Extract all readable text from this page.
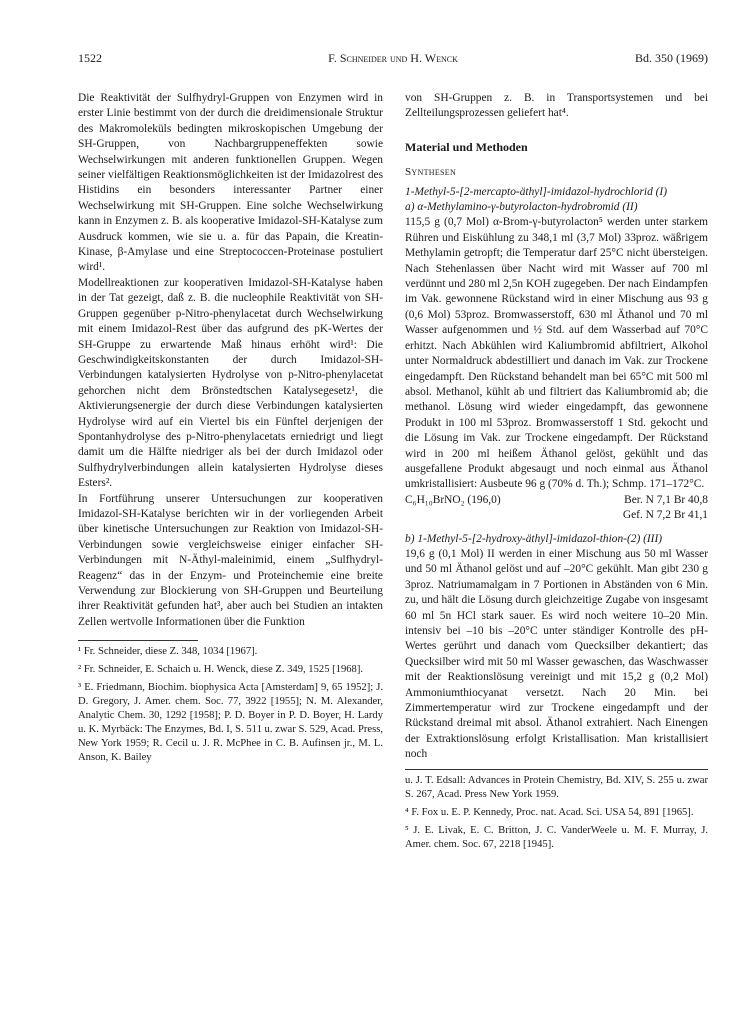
1522	F. Schneider und H. Wenck	Bd. 350 (1969)

Die Reaktivität der Sulfhydryl-Gruppen von Enzymen wird in erster Linie bestimmt von der durch die dreidimensionale Struktur des Makromoleküls bedingten mikroskopischen Umgebung der SH-Gruppen, von Nachbargruppeneffekten sowie Wechselwirkungen mit anderen funktionellen Gruppen. Wegen seiner vielfältigen Reaktionsmöglichkeiten ist der Imidazolrest des Histidins ein besonders interessanter Partner einer Wechselwirkung mit SH-Gruppen. Eine solche Wechselwirkung kann in Enzymen z. B. als kooperative Imidazol-SH-Katalyse zum Ausdruck kommen, wie sie u. a. für das Papain, die Kreatin-Kinase, β-Amylase und eine Streptococcen-Proteinase postuliert wird¹.

Modellreaktionen zur kooperativen Imidazol-SH-Katalyse haben in der Tat gezeigt, daß z. B. die nucleophile Reaktivität von SH-Gruppen gegenüber p-Nitro-phenylacetat durch Wechselwirkung mit einem Imidazol-Rest über das aufgrund des pK-Wertes der SH-Gruppe zu erwartende Maß hinaus erhöht wird¹: Die Geschwindigkeitskonstanten der durch Imidazol-SH-Verbindungen katalysierten Hydrolyse von p-Nitro-phenylacetat gehorchen nicht dem Brönstedtschen Katalysegesetz¹, die Aktivierungsenergie der durch diese Verbindungen katalysierten Hydrolyse wird auf ein Viertel bis ein Fünftel derjenigen der Spontanhydrolyse des p-Nitro-phenylacetats erniedrigt und liegt damit um die Hälfte niedriger als bei der durch Imidazol oder Sulfhydrylverbindungen allein katalysierten Hydrolyse dieses Esters².

In Fortführung unserer Untersuchungen zur kooperativen Imidazol-SH-Katalyse berichten wir in der vorliegenden Arbeit über kinetische Untersuchungen zur Reaktion von Imidazol-SH-Verbindungen sowie vergleichsweise einiger einfacher SH-Verbindungen mit N-Äthyl-maleinimid, einem „Sulfhydryl-Reagenz“ das in der Enzym- und Proteinchemie eine breite Verwendung zur Blockierung von SH-Gruppen und Beurteilung ihrer Reaktivität gefunden hat³, aber auch bei Studien an intakten Zellen wertvolle Informationen über die Funktion

¹ Fr. Schneider, diese Z. 348, 1034 [1967].

² Fr. Schneider, E. Schaich u. H. Wenck, diese Z. 349, 1525 [1968].

³ E. Friedmann, Biochim. biophysica Acta [Amsterdam] 9, 65 1952]; J. D. Gregory, J. Amer. chem. Soc. 77, 3922 [1955]; N. M. Alexander, Analytic Chem. 30, 1292 [1958]; P. D. Boyer in P. D. Boyer, H. Lardy u. K. Myrbäck: The Enzymes, Bd. I, S. 511 u. zwar S. 529, Acad. Press, New York 1959; R. Cecil u. J. R. McPhee in C. B. Aufinsen jr., M. L. Anson, K. Bailey

von SH-Gruppen z. B. in Transportsystemen und bei Zellteilungsprozessen geliefert hat⁴.

Material und Methoden

Synthesen

1-Methyl-5-[2-mercapto-äthyl]-imidazol-hydrochlorid (I)

a) α-Methylamino-γ-butyrolacton-hydrobromid (II)

115,5 g (0,7 Mol) α-Brom-γ-butyrolacton⁵ werden unter starkem Rühren und Eiskühlung zu 348,1 ml (3,7 Mol) 33proz. wäßrigem Methylamin getropft; die Temperatur darf 25°C nicht übersteigen. Nach Stehenlassen über Nacht wird mit Wasser auf 700 ml verdünnt und 280 ml 2,5n KOH zugegeben. Der nach Eindampfen im Vak. gewonnene Rückstand wird in einer Mischung aus 93 g (0,6 Mol) 53proz. Bromwasserstoff, 630 ml Äthanol und 70 ml Wasser aufgenommen und ½ Std. auf dem Wasserbad auf 70°C erhitzt. Nach Abkühlen wird Kaliumbromid abfiltriert, Alkohol unter Normaldruck abdestilliert und danach im Vak. zur Trockene eingedampft. Den Rückstand behandelt man bei 65°C mit 500 ml absol. Methanol, kühlt ab und filtriert das Kaliumbromid ab; die methanol. Lösung wird wieder eingedampft, das gewonnene Produkt in 100 ml 53proz. Bromwasserstoff 1 Std. gekocht und die Lösung im Vak. zur Trockene eingedampft. Der Rückstand wird in 200 ml heißem Äthanol gelöst, gekühlt und das ausgefallene Produkt abgesaugt und noch einmal aus Äthanol umkristallisiert: Ausbeute 96 g (70% d. Th.); Schmp. 171–172°C.

C₆H₁₀BrNO₂ (196,0)	Ber. N 7,1 Br 40,8

Gef. N 7,2 Br 41,1

b) 1-Methyl-5-[2-hydroxy-äthyl]-imidazol-thion-(2) (III)

19,6 g (0,1 Mol) II werden in einer Mischung aus 50 ml Wasser und 50 ml Äthanol gelöst und auf –20°C gekühlt. Man gibt 230 g 3proz. Natriumamalgam in 7 Portionen in Abständen von 6 Min. zu, und hält die Lösung durch gleichzeitige Zugabe von insgesamt 60 ml 5n HCl stark sauer. Es wird noch weitere 10–20 Min. intensiv bei –10 bis –20°C unter ständiger Kontrolle des pH-Wertes gerührt und danach vom Quecksilber dekantiert; das Quecksilber wird mit 50 ml Wasser gewaschen, das Waschwasser mit der Reaktionslösung vereinigt und mit 15,2 g (0,2 Mol) Ammoniumthiocyanat versetzt. Nach 20 Min. bei Zimmertemperatur wird zur Trockene eingedampft und der Rückstand dreimal mit absol. Äthanol extrahiert. Nach Einengen der Extraktionslösung erfolgt Kristallisation. Man kristallisiert noch

u. J. T. Edsall: Advances in Protein Chemistry, Bd. XIV, S. 255 u. zwar S. 267, Acad. Press New York 1959.

⁴ F. Fox u. E. P. Kennedy, Proc. nat. Acad. Sci. USA 54, 891 [1965].

⁵ J. E. Livak, E. C. Britton, J. C. VanderWeele u. M. F. Murray, J. Amer. chem. Soc. 67, 2218 [1945].
